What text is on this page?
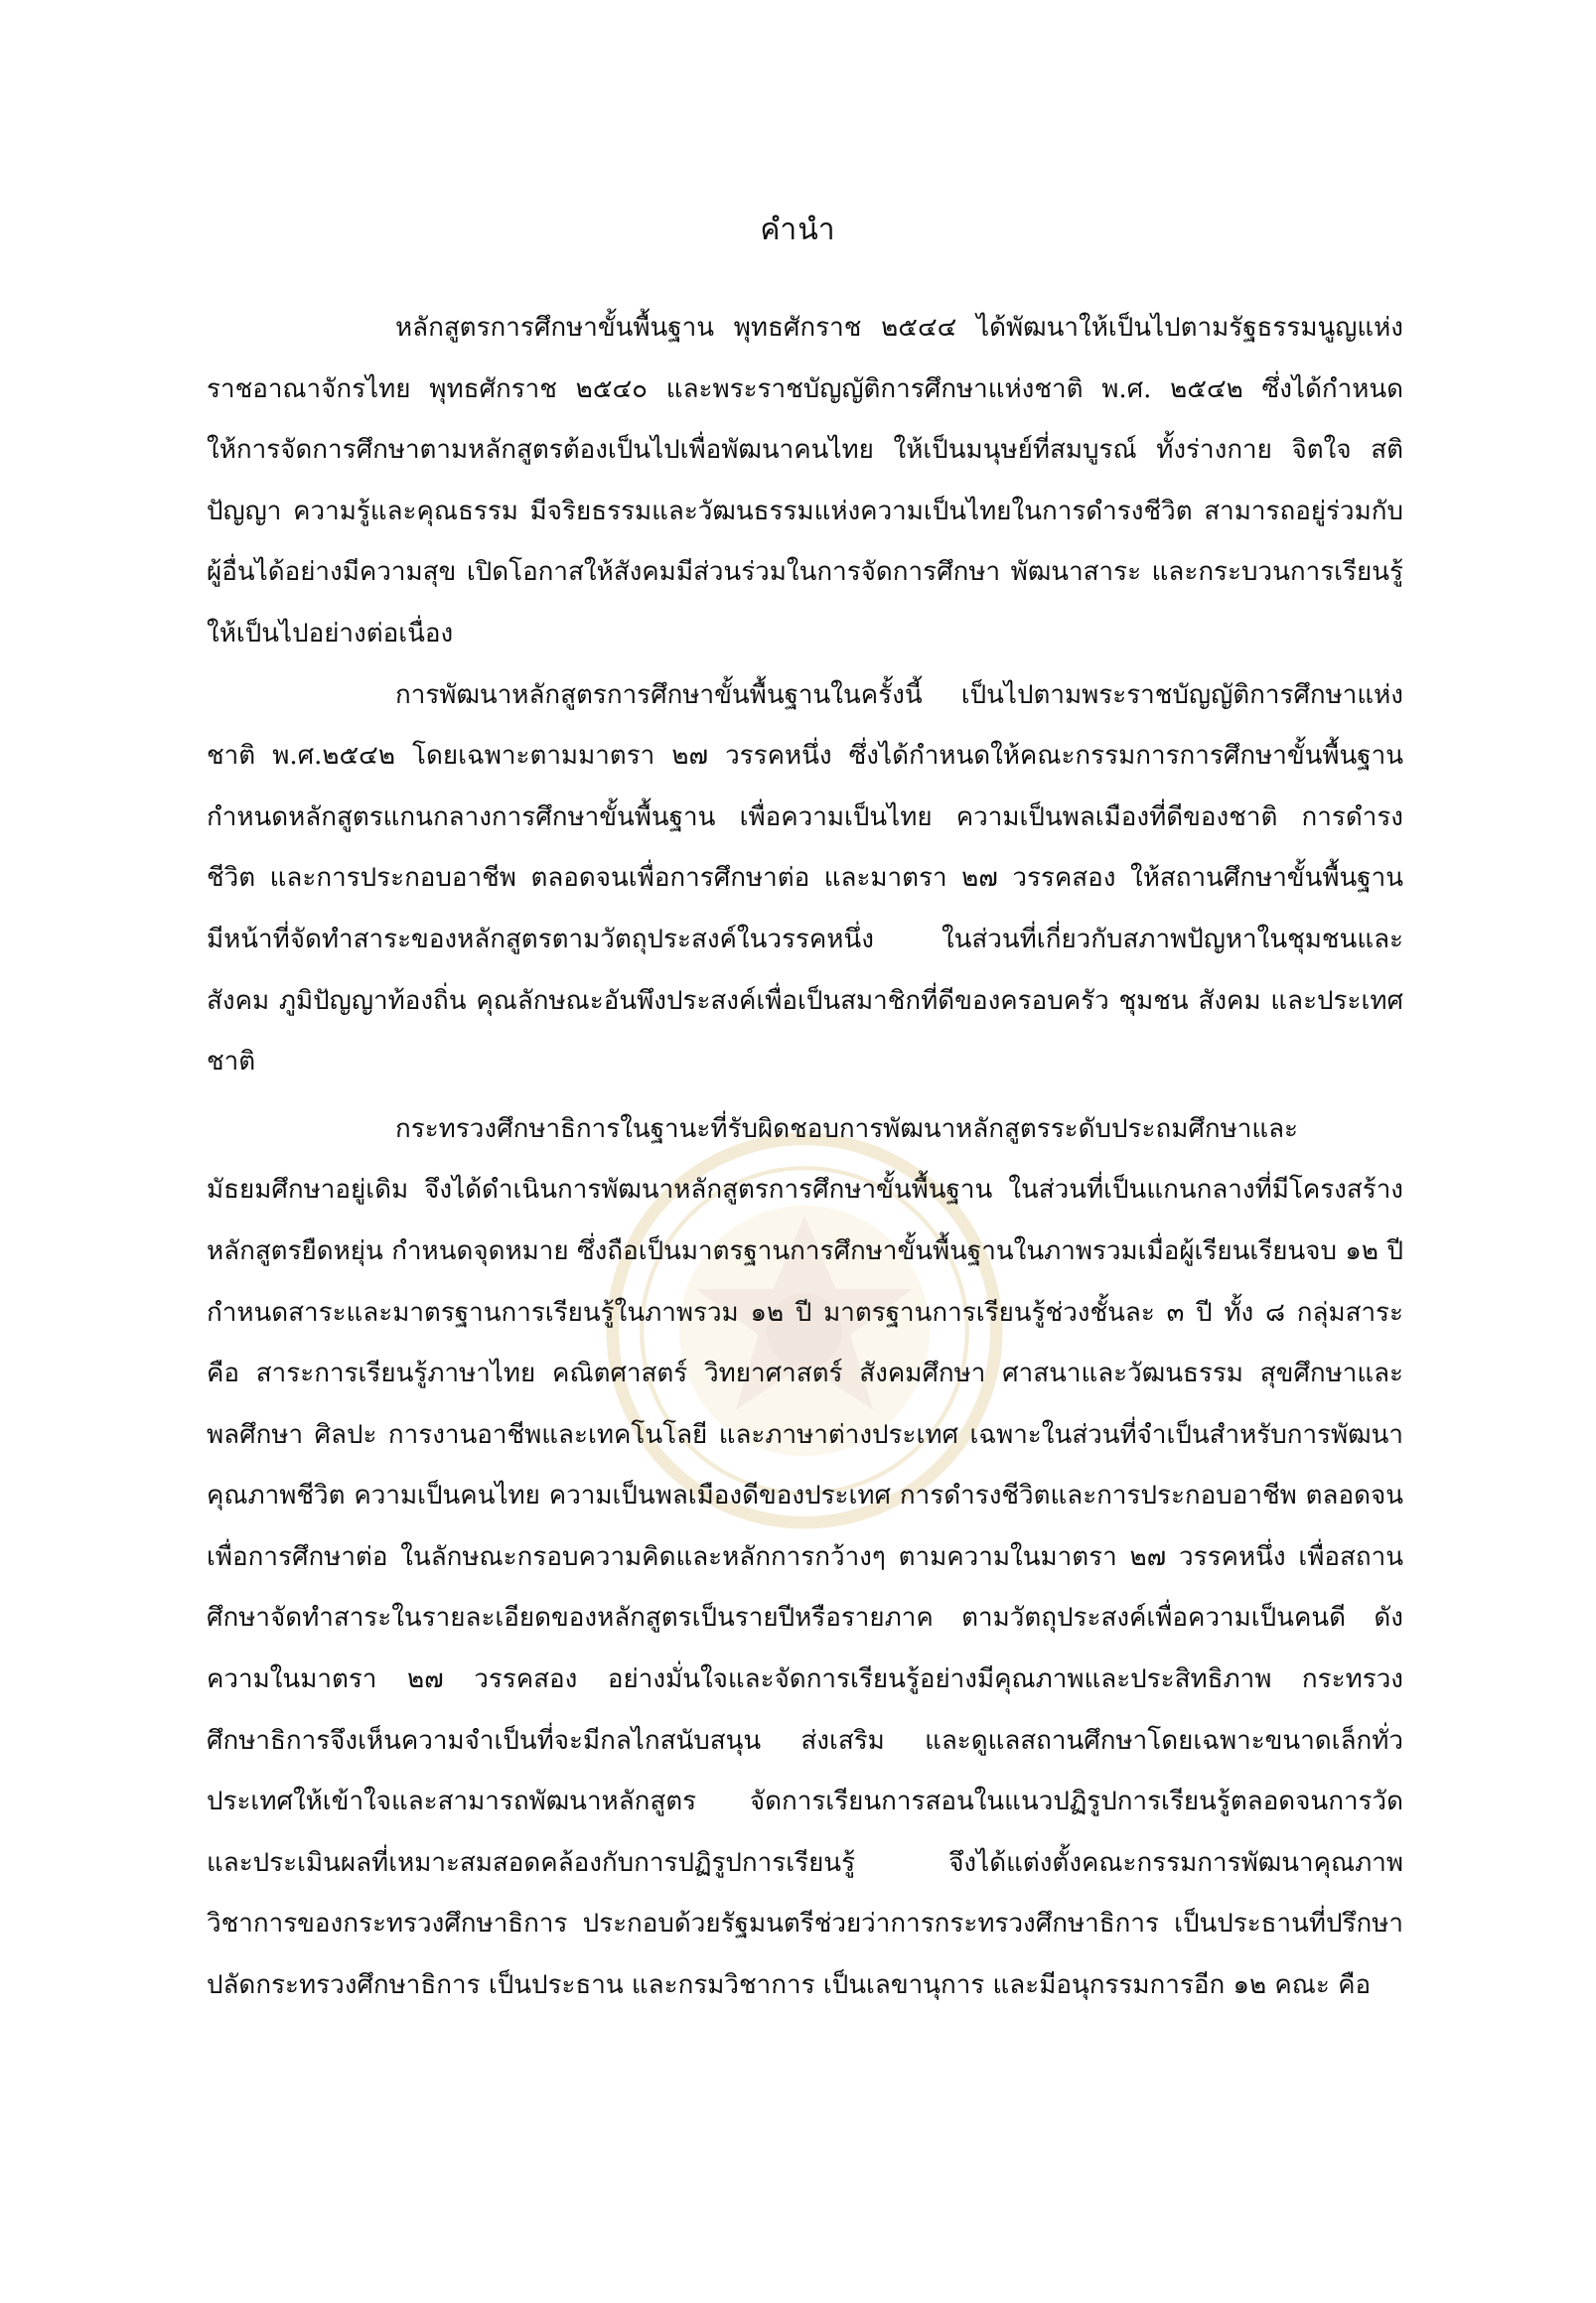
คำนำ

หลักสูตรการศึกษาขั้นพื้นฐาน พุทธศักราช ๒๕๔๔ ได้พัฒนาให้เป็นไปตามรัฐธรรมนูญแห่งราชอาณาจักรไทย พุทธศักราช ๒๕๔๐ และพระราชบัญญัติการศึกษาแห่งชาติ พ.ศ. ๒๕๔๒ ซึ่งได้กำหนดให้การจัดการศึกษาตามหลักสูตรต้องเป็นไปเพื่อพัฒนาคนไทย ให้เป็นมนุษย์ที่สมบูรณ์ ทั้งร่างกาย จิตใจ สติปัญญา ความรู้และคุณธรรม มีจริยธรรมและวัฒนธรรมแห่งความเป็นไทยในการดำรงชีวิต สามารถอยู่ร่วมกับผู้อื่นได้อย่างมีความสุข เปิดโอกาสให้สังคมมีส่วนร่วมในการจัดการศึกษา พัฒนาสาระ และกระบวนการเรียนรู้ให้เป็นไปอย่างต่อเนื่อง

การพัฒนาหลักสูตรการศึกษาขั้นพื้นฐานในครั้งนี้ เป็นไปตามพระราชบัญญัติการศึกษาแห่งชาติ พ.ศ.๒๕๔๒ โดยเฉพาะตามมาตรา ๒๗ วรรคหนึ่ง ซึ่งได้กำหนดให้คณะกรรมการการศึกษาขั้นพื้นฐานกำหนดหลักสูตรแกนกลางการศึกษาขั้นพื้นฐาน เพื่อความเป็นไทย ความเป็นพลเมืองที่ดีของชาติ การดำรงชีวิต และการประกอบอาชีพ ตลอดจนเพื่อการศึกษาต่อ และมาตรา ๒๗ วรรคสอง ให้สถานศึกษาขั้นพื้นฐานมีหน้าที่จัดทำสาระของหลักสูตรตามวัตถุประสงค์ในวรรคหนึ่ง ในส่วนที่เกี่ยวกับสภาพปัญหาในชุมชนและสังคม ภูมิปัญญาท้องถิ่น คุณลักษณะอันพึงประสงค์เพื่อเป็นสมาชิกที่ดีของครอบครัว ชุมชน สังคม และประเทศชาติ

กระทรวงศึกษาธิการในฐานะที่รับผิดชอบการพัฒนาหลักสูตรระดับประถมศึกษาและมัธยมศึกษาอยู่เดิม จึงได้ดำเนินการพัฒนาหลักสูตรการศึกษาขั้นพื้นฐาน ในส่วนที่เป็นแกนกลางที่มีโครงสร้างหลักสูตรยืดหยุ่น กำหนดจุดหมาย ซึ่งถือเป็นมาตรฐานการศึกษาขั้นพื้นฐานในภาพรวมเมื่อผู้เรียนเรียนจบ ๑๒ ปี กำหนดสาระและมาตรฐานการเรียนรู้ในภาพรวม ๑๒ ปี มาตรฐานการเรียนรู้ช่วงชั้นละ ๓ ปี ทั้ง ๘ กลุ่มสาระ คือ สาระการเรียนรู้ภาษาไทย คณิตศาสตร์ วิทยาศาสตร์ สังคมศึกษา ศาสนาและวัฒนธรรม สุขศึกษาและพลศึกษา ศิลปะ การงานอาชีพและเทคโนโลยี และภาษาต่างประเทศ เฉพาะในส่วนที่จำเป็นสำหรับการพัฒนาคุณภาพชีวิต ความเป็นคนไทย ความเป็นพลเมืองดีของประเทศ การดำรงชีวิตและการประกอบอาชีพ ตลอดจนเพื่อการศึกษาต่อ ในลักษณะกรอบความคิดและหลักการกว้างๆ ตามความในมาตรา ๒๗ วรรคหนึ่ง เพื่อสถานศึกษาจัดทำสาระในรายละเอียดของหลักสูตรเป็นรายปีหรือรายภาค ตามวัตถุประสงค์เพื่อความเป็นคนดี ดังความในมาตรา ๒๗ วรรคสอง อย่างมั่นใจและจัดการเรียนรู้อย่างมีคุณภาพและประสิทธิภาพ กระทรวงศึกษาธิการจึงเห็นความจำเป็นที่จะมีกลไกสนับสนุน ส่งเสริม และดูแลสถานศึกษาโดยเฉพาะขนาดเล็กทั่วประเทศให้เข้าใจและสามารถพัฒนาหลักสูตร จัดการเรียนการสอนในแนวปฏิรูปการเรียนรู้ตลอดจนการวัดและประเมินผลที่เหมาะสมสอดคล้องกับการปฏิรูปการเรียนรู้ จึงได้แต่งตั้งคณะกรรมการพัฒนาคุณภาพวิชาการของกระทรวงศึกษาธิการ ประกอบด้วยรัฐมนตรีช่วยว่าการกระทรวงศึกษาธิการ เป็นประธานที่ปรึกษา ปลัดกระทรวงศึกษาธิการ เป็นประธาน และกรมวิชาการ เป็นเลขานุการ และมีอนุกรรมการอีก ๑๒ คณะ คือ
